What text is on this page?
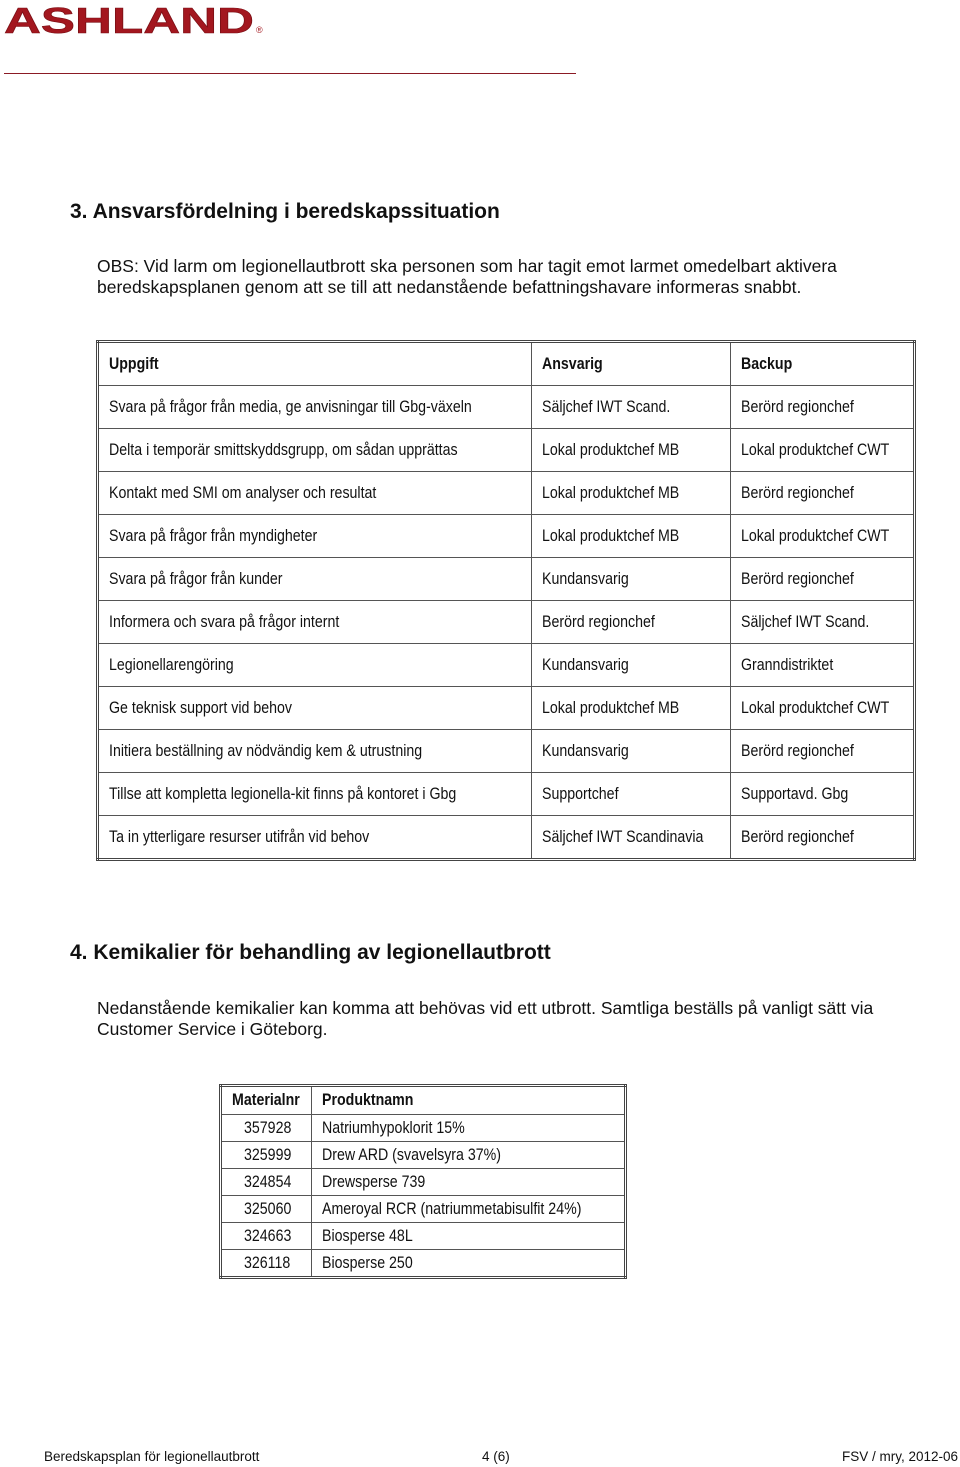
ASHLAND ®
3. Ansvarsfördelning i beredskapssituation
OBS: Vid larm om legionellautbrott ska personen som har tagit emot larmet omedelbart aktivera beredskapsplanen genom att se till att nedanstående befattningshavare informeras snabbt.
Uppgift	Ansvarig	Backup
Svara på frågor från media, ge anvisningar till Gbg-växeln	Säljchef IWT Scand.	Berörd regionchef
Delta i temporär smittskyddsgrupp, om sådan upprättas	Lokal produktchef MB	Lokal produktchef CWT
Kontakt med SMI om analyser och resultat	Lokal produktchef MB	Berörd regionchef
Svara på frågor från myndigheter	Lokal produktchef MB	Lokal produktchef CWT
Svara på frågor från kunder	Kundansvarig	Berörd regionchef
Informera och svara på frågor internt	Berörd regionchef	Säljchef IWT Scand.
Legionellarengöring	Kundansvarig	Granndistriktet
Ge teknisk support vid behov	Lokal produktchef MB	Lokal produktchef CWT
Initiera beställning av nödvändig kem & utrustning	Kundansvarig	Berörd regionchef
Tillse att kompletta legionella-kit finns på kontoret i Gbg	Supportchef	Supportavd. Gbg
Ta in ytterligare resurser utifrån vid behov	Säljchef IWT Scandinavia	Berörd regionchef
4. Kemikalier för behandling av legionellautbrott
Nedanstående kemikalier kan komma att behövas vid ett utbrott. Samtliga beställs på vanligt sätt via Customer Service i Göteborg.
Materialnr	Produktnamn
357928	Natriumhypoklorit 15%
325999	Drew ARD (svavelsyra 37%)
324854	Drewsperse 739
325060	Ameroyal RCR (natriummetabisulfit 24%)
324663	Biosperse 48L
326118	Biosperse 250
Beredskapsplan för legionellautbrott	4 (6)	FSV / mry, 2012-06
